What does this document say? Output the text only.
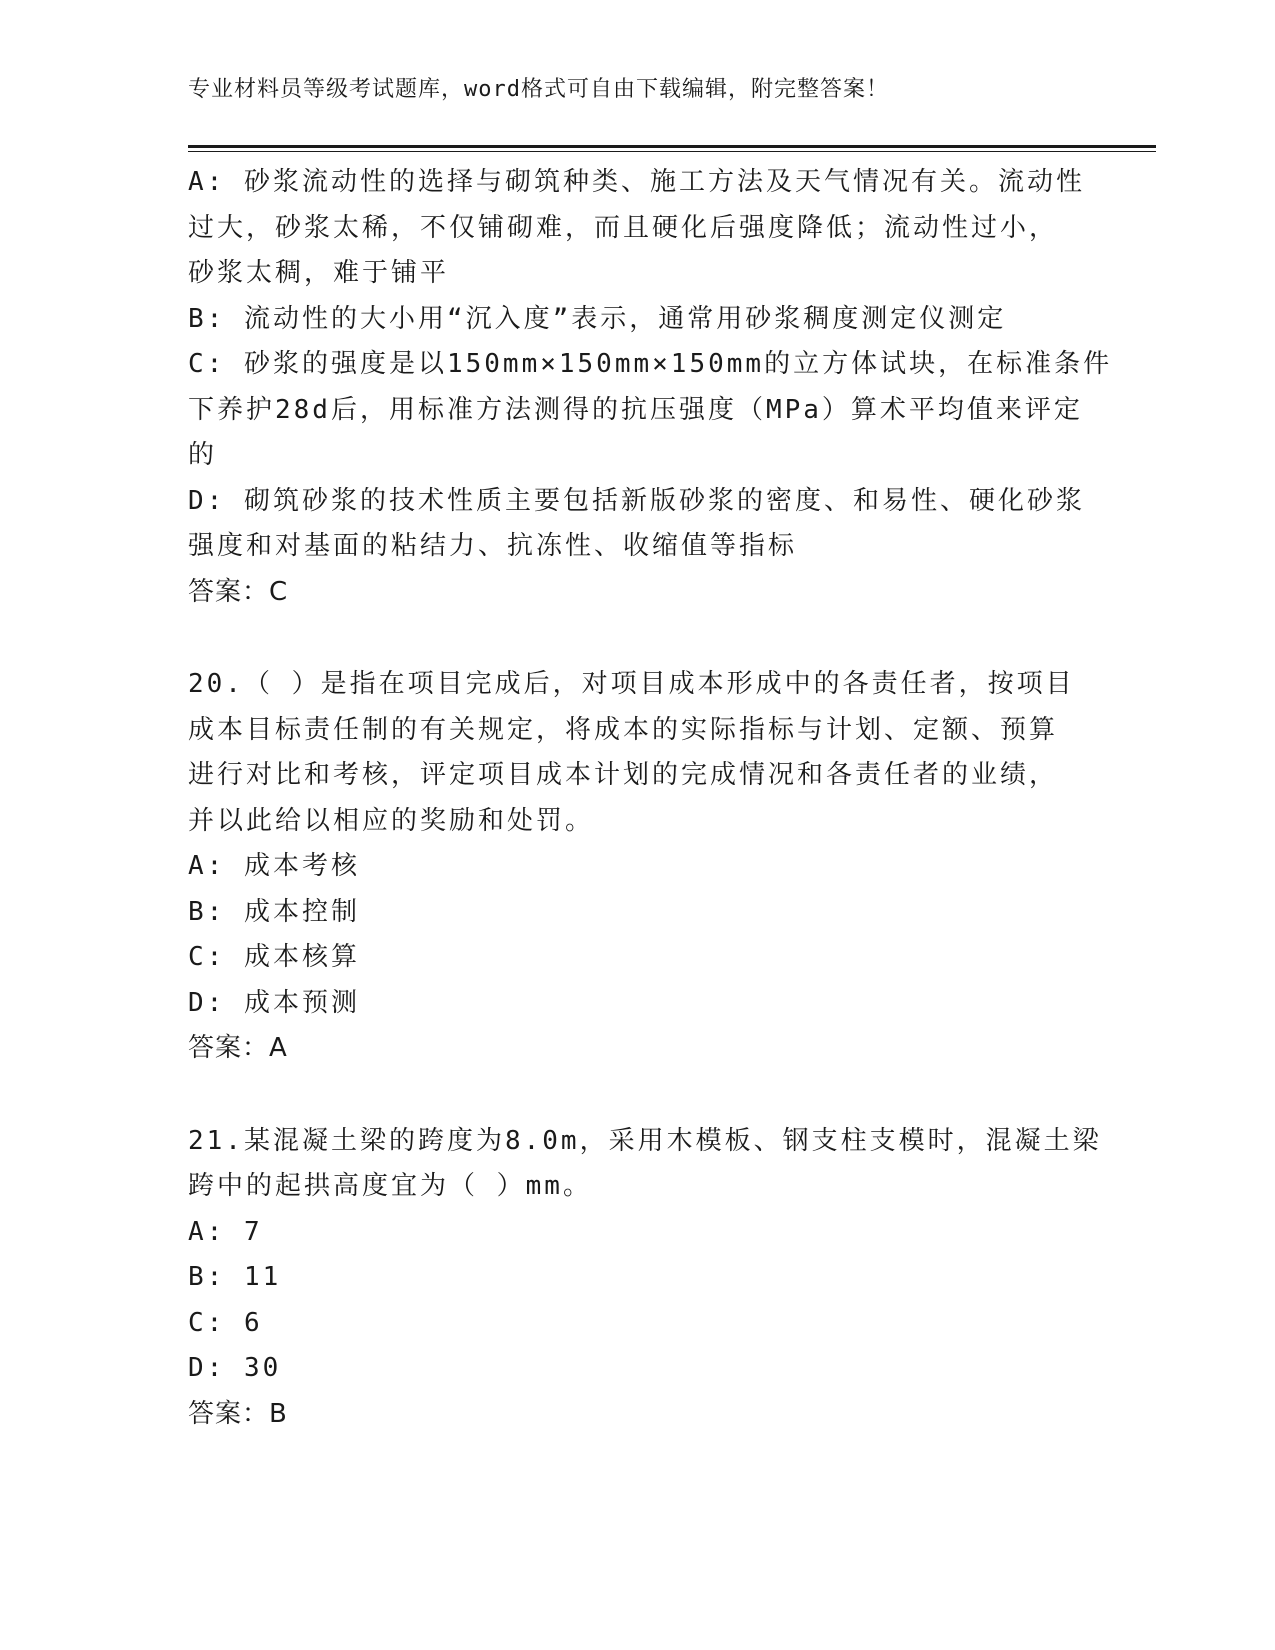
专业材料员等级考试题库，word格式可自由下载编辑，附完整答案！
A: 砂浆流动性的选择与砌筑种类、施工方法及天气情况有关。流动性
过大，砂浆太稀，不仅铺砌难，而且硬化后强度降低；流动性过小，
砂浆太稠，难于铺平
B: 流动性的大小用“沉入度”表示，通常用砂浆稠度测定仪测定
C: 砂浆的强度是以150mm×150mm×150mm的立方体试块，在标准条件
下养护28d后，用标准方法测得的抗压强度（MPa）算术平均值来评定
的
D: 砌筑砂浆的技术性质主要包括新版砂浆的密度、和易性、硬化砂浆
强度和对基面的粘结力、抗冻性、收缩值等指标
答案：C
20.（ ）是指在项目完成后，对项目成本形成中的各责任者，按项目
成本目标责任制的有关规定，将成本的实际指标与计划、定额、预算
进行对比和考核，评定项目成本计划的完成情况和各责任者的业绩，
并以此给以相应的奖励和处罚。
A: 成本考核
B: 成本控制
C: 成本核算
D: 成本预测
答案：A
21.某混凝土梁的跨度为8.0m，采用木模板、钢支柱支模时，混凝土梁
跨中的起拱高度宜为（ ）mm。
A: 7
B: 11
C: 6
D: 30
答案：B
